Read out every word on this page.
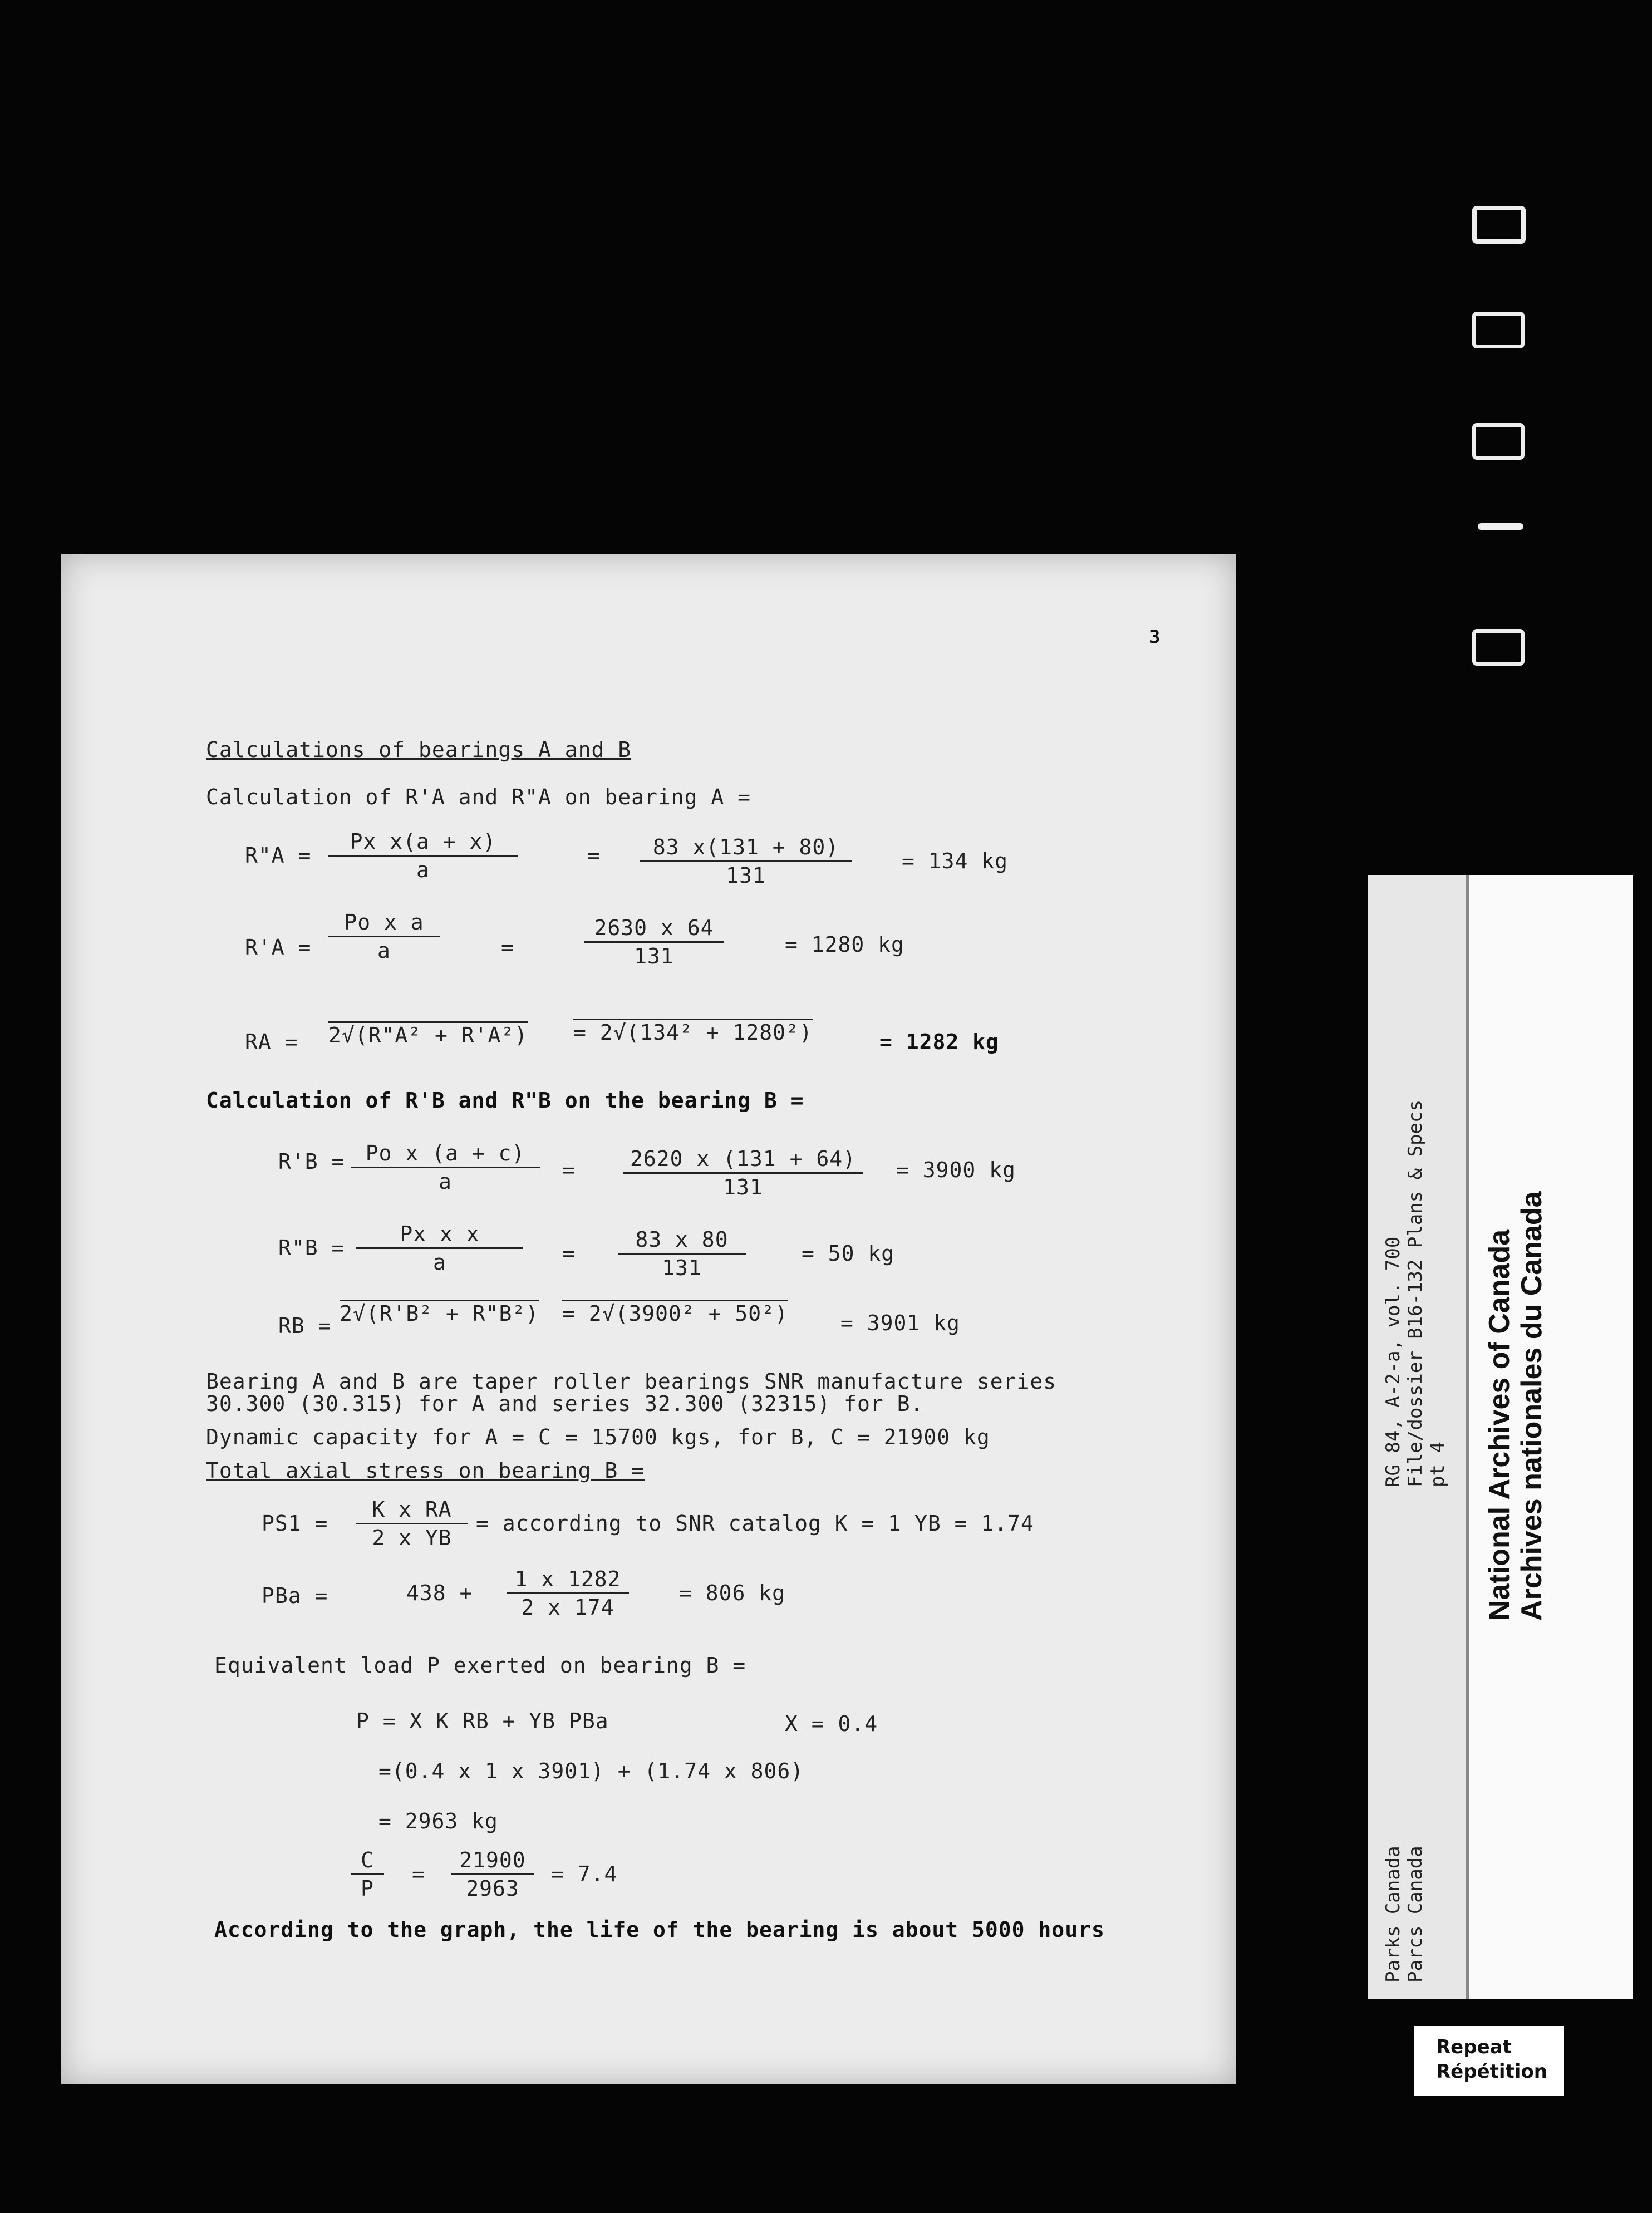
3
Calculations of bearings A and B
Calculation of R'A and R"A on bearing A =
R"A = $\frac{\text{Px x(a + x)}}{a}$	= $\frac{83 x(131 + 80)}{131} = 134$ kg
$R'A = \frac{\text{Po x a}}{a}$	=	$\frac{2630 x 64}{131}$	= 1280 kg
RA = 2√(R"A² + R'A²) = 2√(134² + 1280²)	= 1282 kg
Calculation of R'B and R"B on the bearing B =
$R'B = \frac{\text{Po x (a + c)}}{a} = \frac{2620 x (131 + 64)}{131} = 3900$ kg
R"B = $\frac{\text{Px x x}}{a} = \frac{83 x 80}{131}$	= 50 kg
RB = 2√(R'B² + R"B²) = 2√(3900² + 50²) = 3901 kg
Bearing A and B are taper roller bearings SNR manufacture series
30.300 (30.315) for A and series 32.300 (32315) for B.
Dynamic capacity for A = C = 15700 kgs, for B, C = 21900 kg
Total axial stress on bearing B =
$PS1 = \frac{\text{K x RA}}{\text{2 x YB}}$ = according to SNR catalog K = 1 YB = 1.74
PBa =	$438 + \frac{1 x 1282}{2 x 174} = 806$ kg
Equivalent load P exerted on bearing B =
P = X K RB + YB PBa	X = 0.4
=(0.4 x 1 x 3901) + (1.74 x 806)
= 2963 kg
$\frac{C}{P} = \frac{21900}{2963} = 7.4$
According to the graph, the life of the bearing is about 5000 hours
RG 84, A-2-a, vol. 700
File/dossier B16-132 Plans & Specs
pt 4
Parks Canada
Parcs Canada
National Archives of Canada
Archives nationales du Canada
Repeat
Répétition
